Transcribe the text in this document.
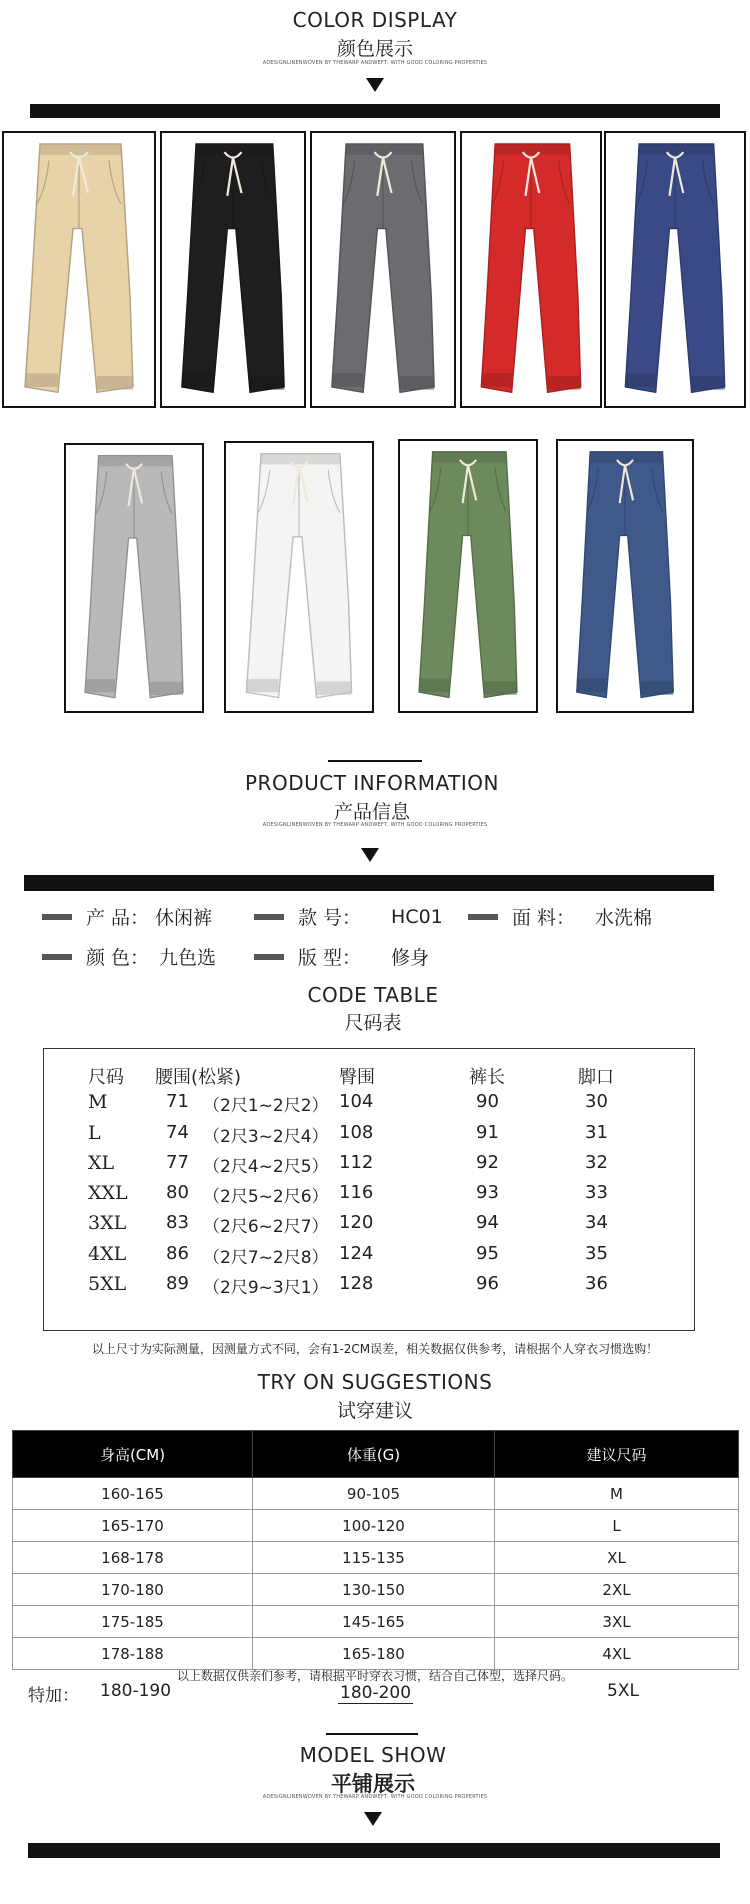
COLOR DISPLAY
颜色展示
ADESIGNLINENWOVEN BY THEWARP ANDWEFT, WITH GOOD COLORING PROPERTIES
PRODUCT INFORMATION
产品信息
ADESIGNLINENWOVEN BY THEWARP ANDWEFT, WITH GOOD COLORING PROPERTIES
产 品： 休闲裤	款 号： HC01	面 料： 水洗棉
颜 色： 九色选	版 型： 修身
CODE TABLE
尺码表
尺码 腰围(松紧)	臀围	裤长	脚口
M	71 （2尺1~2尺2） 104	90	30
L	74 （2尺3~2尺4） 108	91	31
XL	77 （2尺4~2尺5） 112	92	32
XXL 80 （2尺5~2尺6） 116	93	33
3XL 83 （2尺6~2尺7） 120	94	34
4XL 86 （2尺7~2尺8） 124	95	35
5XL 89 （2尺9~3尺1） 128	96	36
以上尺寸为实际测量，因测量方式不同，会有1-2CM误差，相关数据仅供参考，请根据个人穿衣习惯选购！
TRY ON SUGGESTIONS
试穿建议
身高(CM)	体重(G)	建议尺码
160-165	90-105	M
165-170	100-120	L
168-178	115-135	XL
170-180	130-150	2XL
175-185	145-165	3XL
178-188	165-180	4XL
以上数据仅供亲们参考，请根据平时穿衣习惯，结合自己体型，选择尺码。
特加： 180-190	180-200	5XL
MODEL SHOW
平铺展示
ADESIGNLINENWOVEN BY THEWARP ANDWEFT, WITH GOOD COLORING PROPERTIES
